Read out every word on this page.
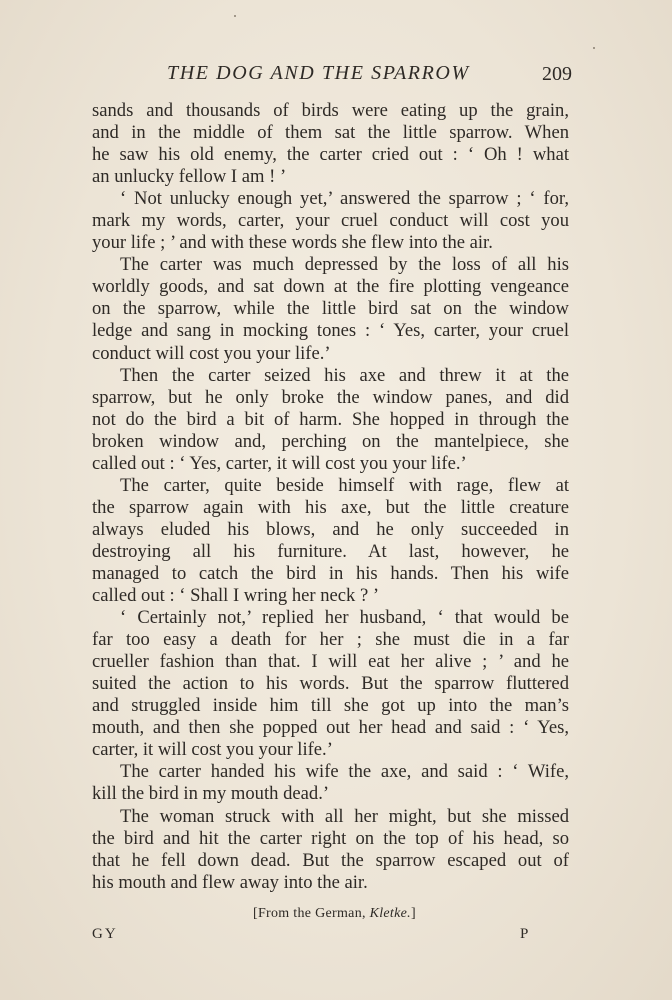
THE DOG AND THE SPARROW	209
sands and thousands of birds were eating up the grain,
and in the middle of them sat the little sparrow. When
he saw his old enemy, the carter cried out : ‘ Oh ! what
an unlucky fellow I am ! ’
‘ Not unlucky enough yet,’ answered the sparrow ; ‘ for,
mark my words, carter, your cruel conduct will cost you
your life ; ’ and with these words she flew into the air.
The carter was much depressed by the loss of all his
worldly goods, and sat down at the fire plotting vengeance
on the sparrow, while the little bird sat on the window
ledge and sang in mocking tones : ‘ Yes, carter, your cruel
conduct will cost you your life.’
Then the carter seized his axe and threw it at the
sparrow, but he only broke the window panes, and did
not do the bird a bit of harm. She hopped in through the
broken window and, perching on the mantelpiece, she
called out : ‘ Yes, carter, it will cost you your life.’
The carter, quite beside himself with rage, flew at
the sparrow again with his axe, but the little creature
always eluded his blows, and he only succeeded in
destroying all his furniture. At last, however, he
managed to catch the bird in his hands. Then his wife
called out : ‘ Shall I wring her neck ? ’
‘ Certainly not,’ replied her husband, ‘ that would be
far too easy a death for her ; she must die in a far
crueller fashion than that. I will eat her alive ; ’ and he
suited the action to his words. But the sparrow fluttered
and struggled inside him till she got up into the man’s
mouth, and then she popped out her head and said : ‘ Yes,
carter, it will cost you your life.’
The carter handed his wife the axe, and said : ‘ Wife,
kill the bird in my mouth dead.’
The woman struck with all her might, but she missed
the bird and hit the carter right on the top of his head, so
that he fell down dead. But the sparrow escaped out of
his mouth and flew away into the air.
[From the German, Kletke.]
GY	P
